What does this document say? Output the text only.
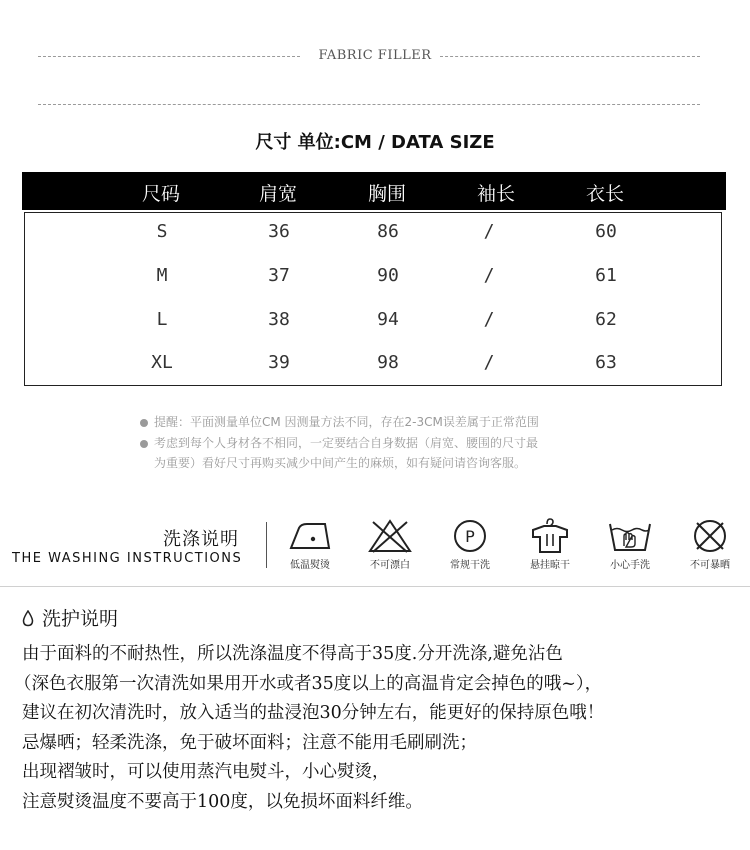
FABRIC FILLER
尺寸 单位:CM / DATA SIZE
尺码	肩宽	胸围	袖长	衣长
S	36	86	/	60
M	37	90	/	61
L	38	94	/	62
XL	39	98	/	63
提醒：平面测量单位CM 因测量方法不同，存在2-3CM误差属于正常范围
考虑到每个人身材各不相同，一定要结合自身数据（肩宽、腰围的尺寸最
为重要）看好尺寸再购买减少中间产生的麻烦，如有疑问请咨询客服。
洗涤说明
THE WASHING INSTRUCTIONS	低温熨烫	不可漂白
P
常规干洗	悬挂晾干	小心手洗	不可暴晒
洗护说明
由于面料的不耐热性，所以洗涤温度不得高于35度.分开洗涤,避免沾色
（深色衣服第一次清洗如果用开水或者35度以上的高温肯定会掉色的哦~），
建议在初次清洗时，放入适当的盐浸泡30分钟左右，能更好的保持原色哦！
忌爆晒；轻柔洗涤，免于破坏面料；注意不能用毛刷刷洗；
出现褶皱时，可以使用蒸汽电熨斗，小心熨烫，
注意熨烫温度不要高于100度，以免损坏面料纤维。
